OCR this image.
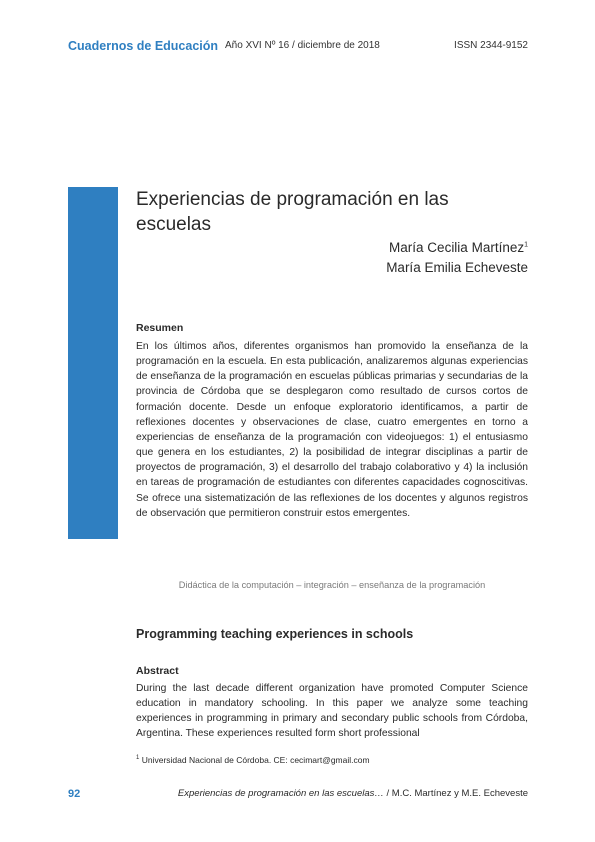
Cuadernos de Educación Año XVI Nº 16 / diciembre de 2018	ISSN 2344-9152
Experiencias de programación en las escuelas
María Cecilia Martínez$^1$
María Emilia Echeveste
Resumen

En los últimos años, diferentes organismos han promovido la enseñanza de la programación en la escuela. En esta publicación, analizaremos algunas experiencias de enseñanza de la programación en escuelas públicas primarias y secundarias de la provincia de Córdoba que se desplegaron como resultado de cursos cortos de formación docente. Desde un enfoque exploratorio identificamos, a partir de reflexiones docentes y observaciones de clase, cuatro emergentes en torno a experiencias de enseñanza de la programación con videojuegos: 1) el entusiasmo que genera en los estudiantes, 2) la posibilidad de integrar disciplinas a partir de proyectos de programación, 3) el desarrollo del trabajo colaborativo y 4) la inclusión en tareas de programación de estudiantes con diferentes capacidades cognoscitivas. Se ofrece una sistematización de las reflexiones de los docentes y algunos registros de observación que permitieron construir estos emergentes.

Didáctica de la computación – integración – enseñanza de la programación
Programming teaching experiences in schools
Abstract

During the last decade different organization have promoted Computer Science education in mandatory schooling. In this paper we analyze some teaching experiences in programming in primary and secondary public schools from Córdoba, Argentina. These experiences resulted form short professional

$^1$ Universidad Nacional de Córdoba. CE: cecimart@gmail.com
92	Experiencias de programación en las escuelas… / M.C. Martínez y M.E. Echeveste
